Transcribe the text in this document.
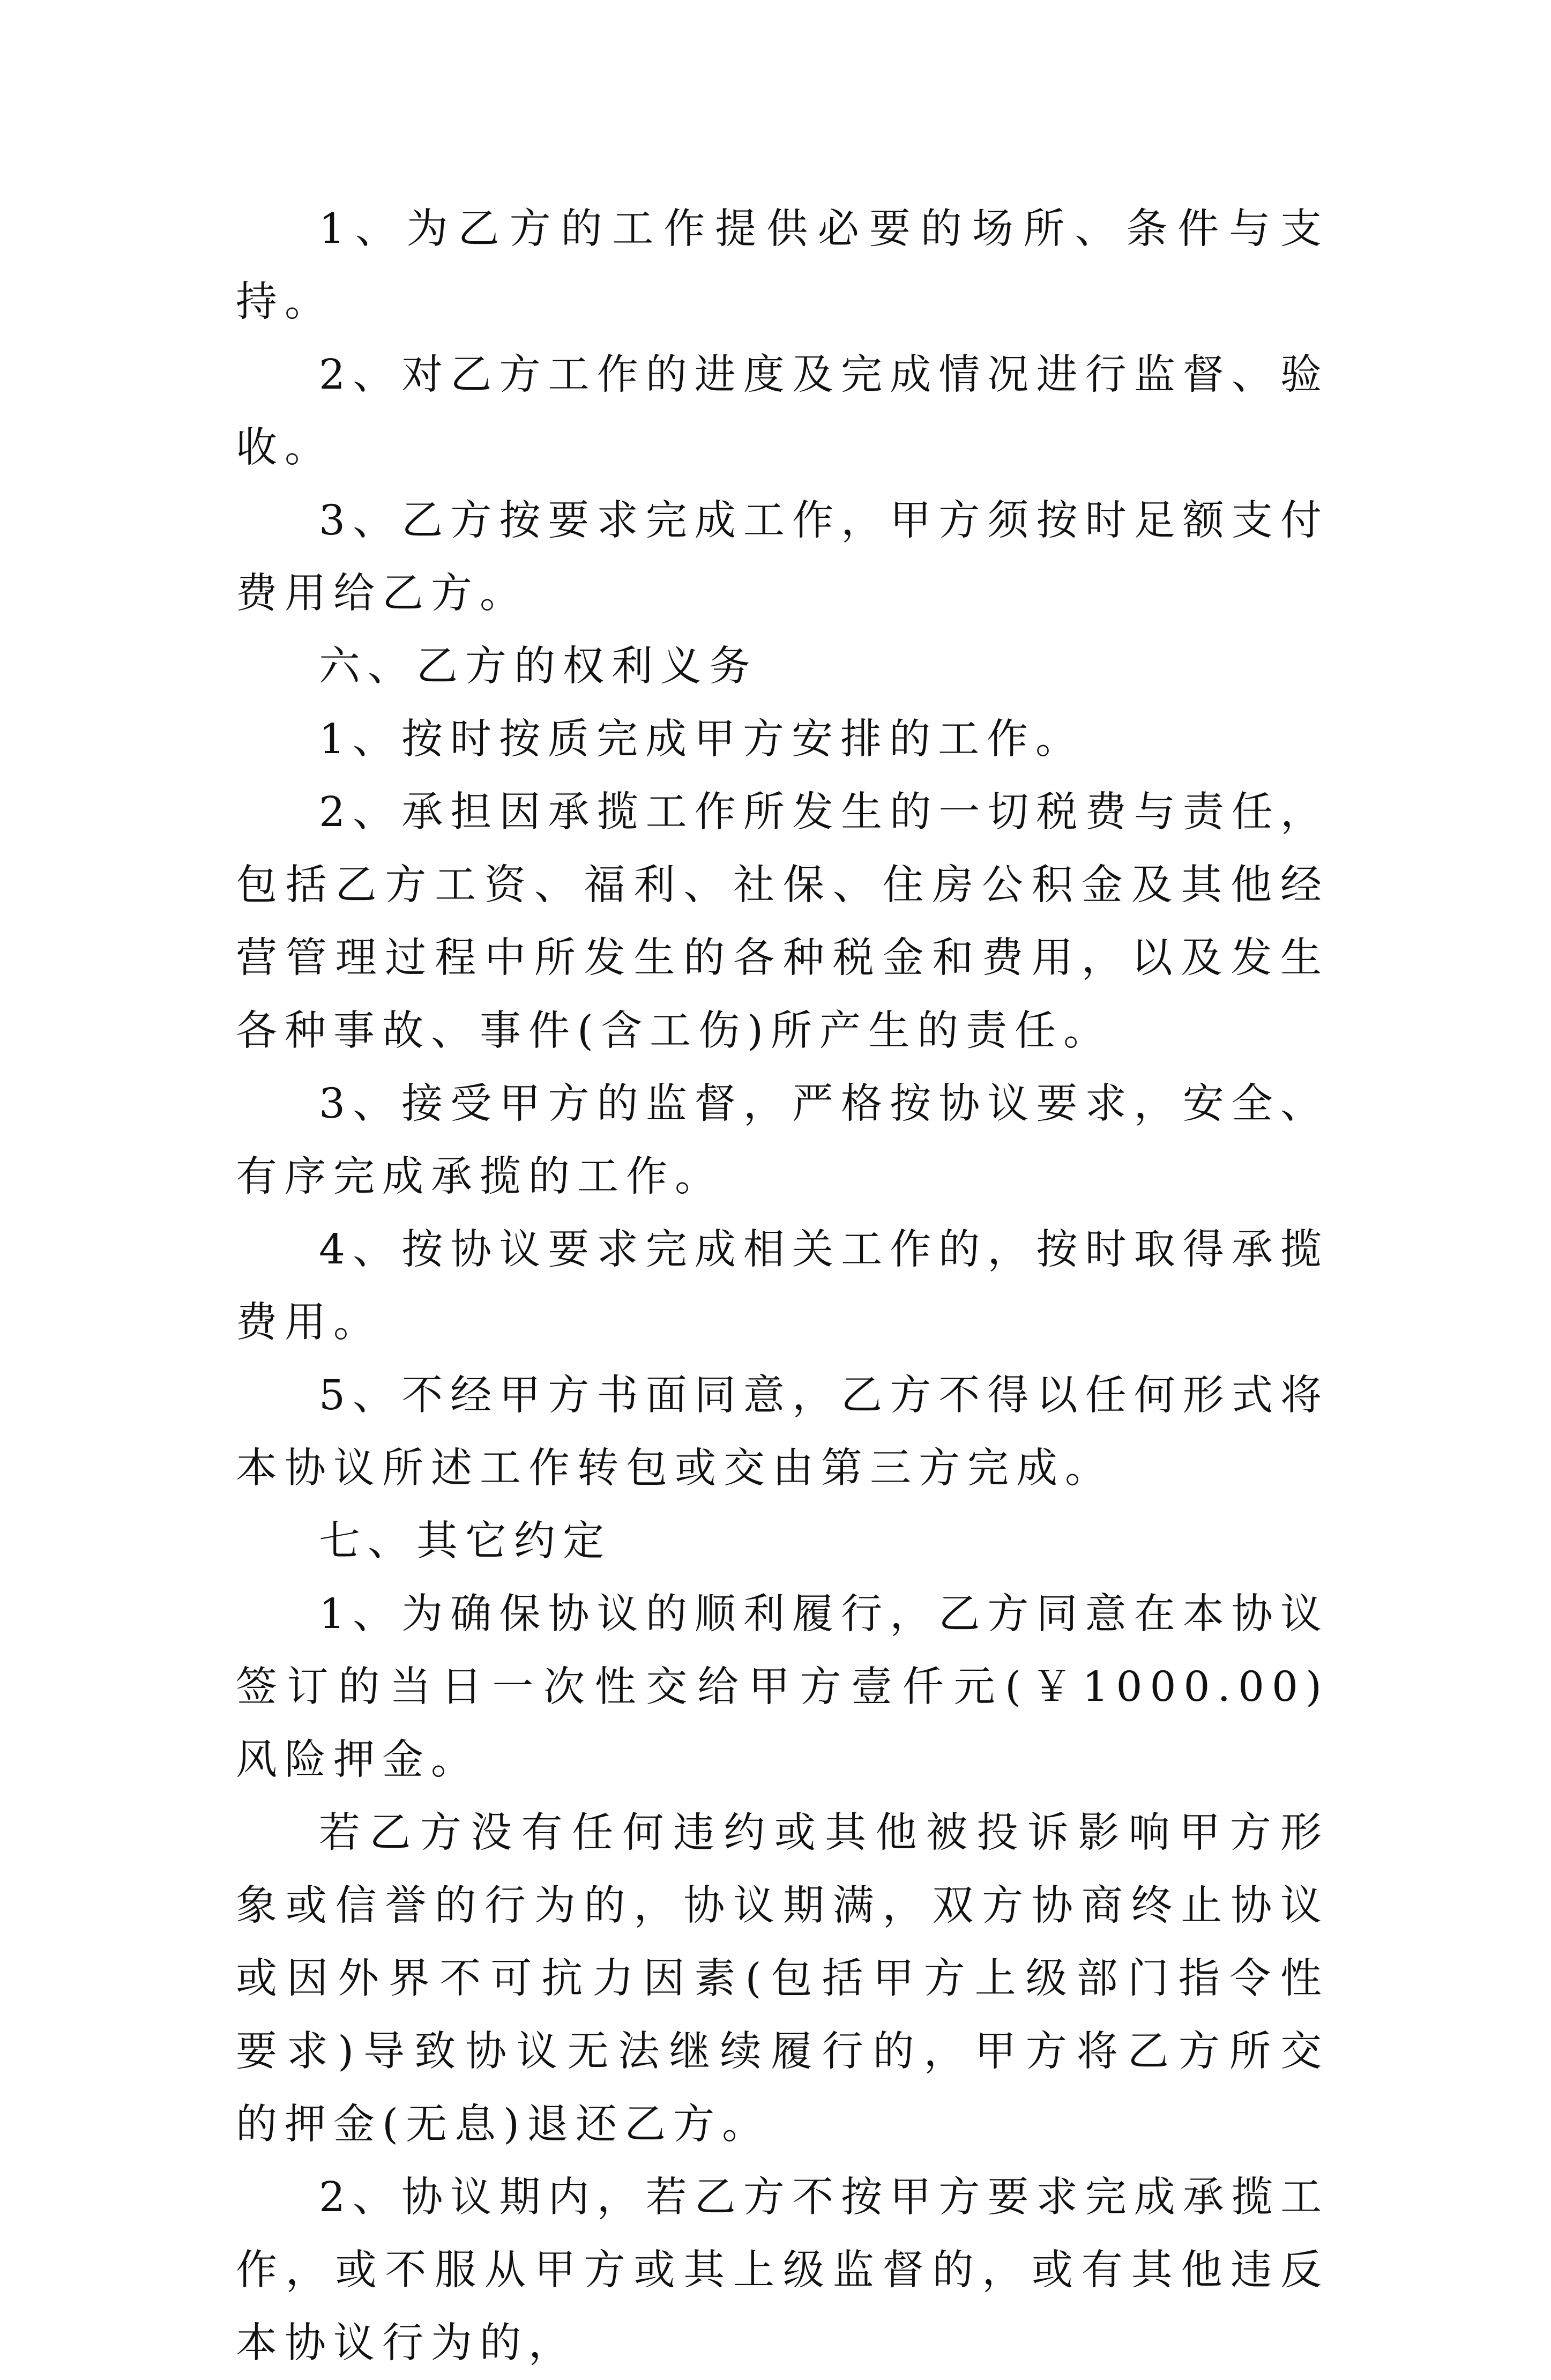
1、为乙方的工作提供必要的场所、条件与支持。

2、对乙方工作的进度及完成情况进行监督、验收。

3、乙方按要求完成工作，甲方须按时足额支付费用给乙方。

六、乙方的权利义务

1、按时按质完成甲方安排的工作。

2、承担因承揽工作所发生的一切税费与责任，包括乙方工资、福利、社保、住房公积金及其他经营管理过程中所发生的各种税金和费用，以及发生各种事故、事件(含工伤)所产生的责任。

3、接受甲方的监督，严格按协议要求，安全、有序完成承揽的工作。

4、按协议要求完成相关工作的，按时取得承揽费用。

5、不经甲方书面同意，乙方不得以任何形式将本协议所述工作转包或交由第三方完成。

七、其它约定

1、为确保协议的顺利履行，乙方同意在本协议签订的当日一次性交给甲方壹仟元(￥1000.00)风险押金。

若乙方没有任何违约或其他被投诉影响甲方形象或信誉的行为的，协议期满，双方协商终止协议或因外界不可抗力因素(包括甲方上级部门指令性要求)导致协议无法继续履行的，甲方将乙方所交的押金(无息)退还乙方。

2、协议期内，若乙方不按甲方要求完成承揽工作，或不服从甲方或其上级监督的，或有其他违反本协议行为的，
